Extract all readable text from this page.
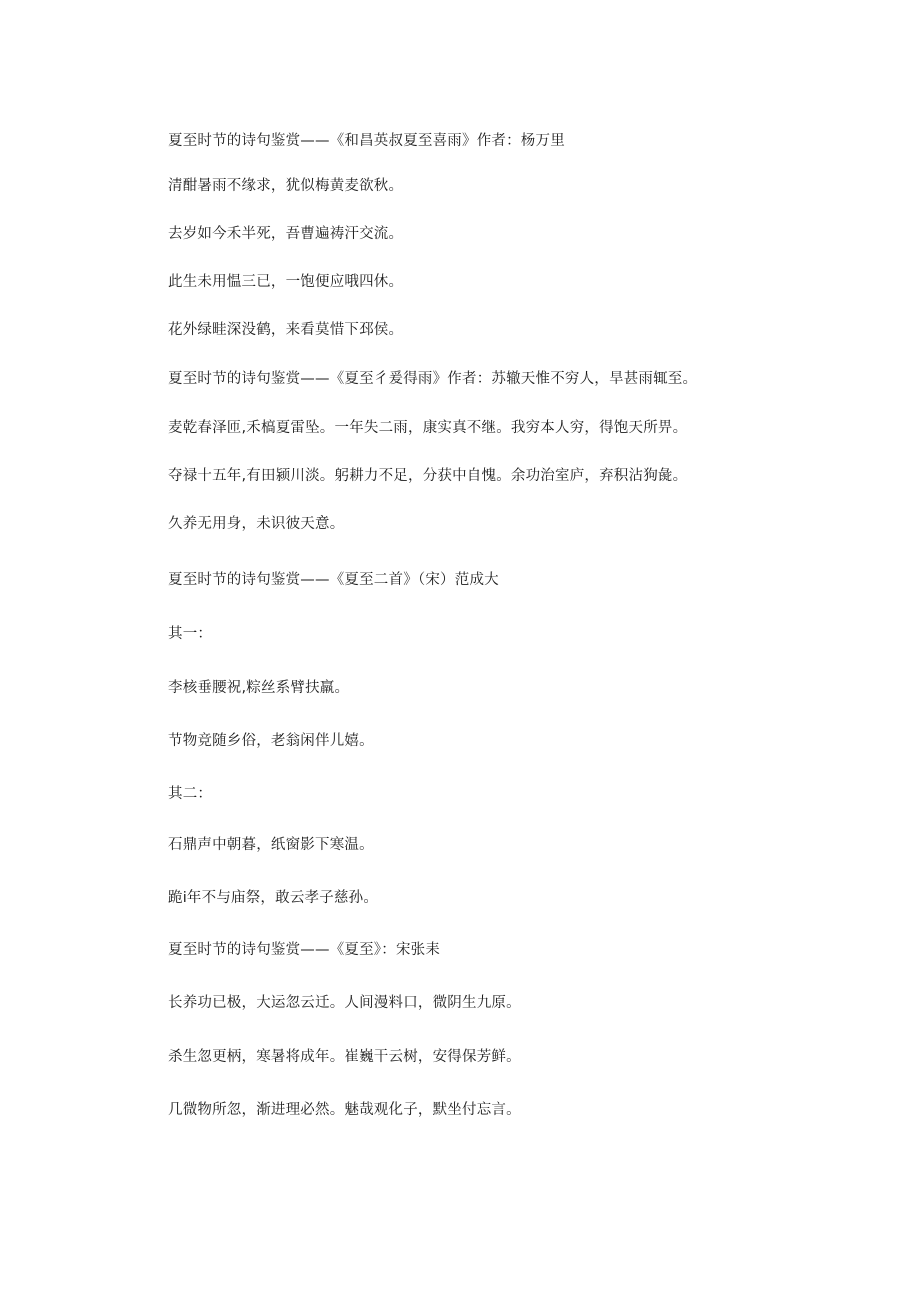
夏至时节的诗句鉴赏——《和昌英叔夏至喜雨》作者：杨万里
清酣暑雨不缘求，犹似梅黄麦欲秋。
去岁如今禾半死，吾曹遍祷汗交流。
此生未用愠三已，一饱便应哦四休。
花外绿畦深没鹤，来看莫惜下邳侯。
夏至时节的诗句鉴赏——《夏至彳爰得雨》作者：苏辙天惟不穷人，旱甚雨辄至。
麦乾春泽匝,禾槁夏雷坠。一年失二雨，康实真不继。我穷本人穷，得饱天所畀。
夺禄十五年,有田颍川淡。躬耕力不足，分获中自愧。余功治室庐，弃积沾狗彘。
久养无用身，未识彼天意。
夏至时节的诗句鉴赏——《夏至二首》（宋）范成大
其一：
李核垂腰祝,粽丝系臂扶羸。
节物竞随乡俗，老翁闲伴儿嬉。
其二：
石鼎声中朝暮，纸窗影下寒温。
跪i年不与庙祭，敢云孝子慈孙。
夏至时节的诗句鉴赏——《夏至》：宋张耒
长养功已极，大运忽云迁。人间漫料口，微阴生九原。
杀生忽更柄，寒暑将成年。崔巍干云树，安得保芳鲜。
几微物所忽，渐进理必然。魅哉观化子，默坐付忘言。
